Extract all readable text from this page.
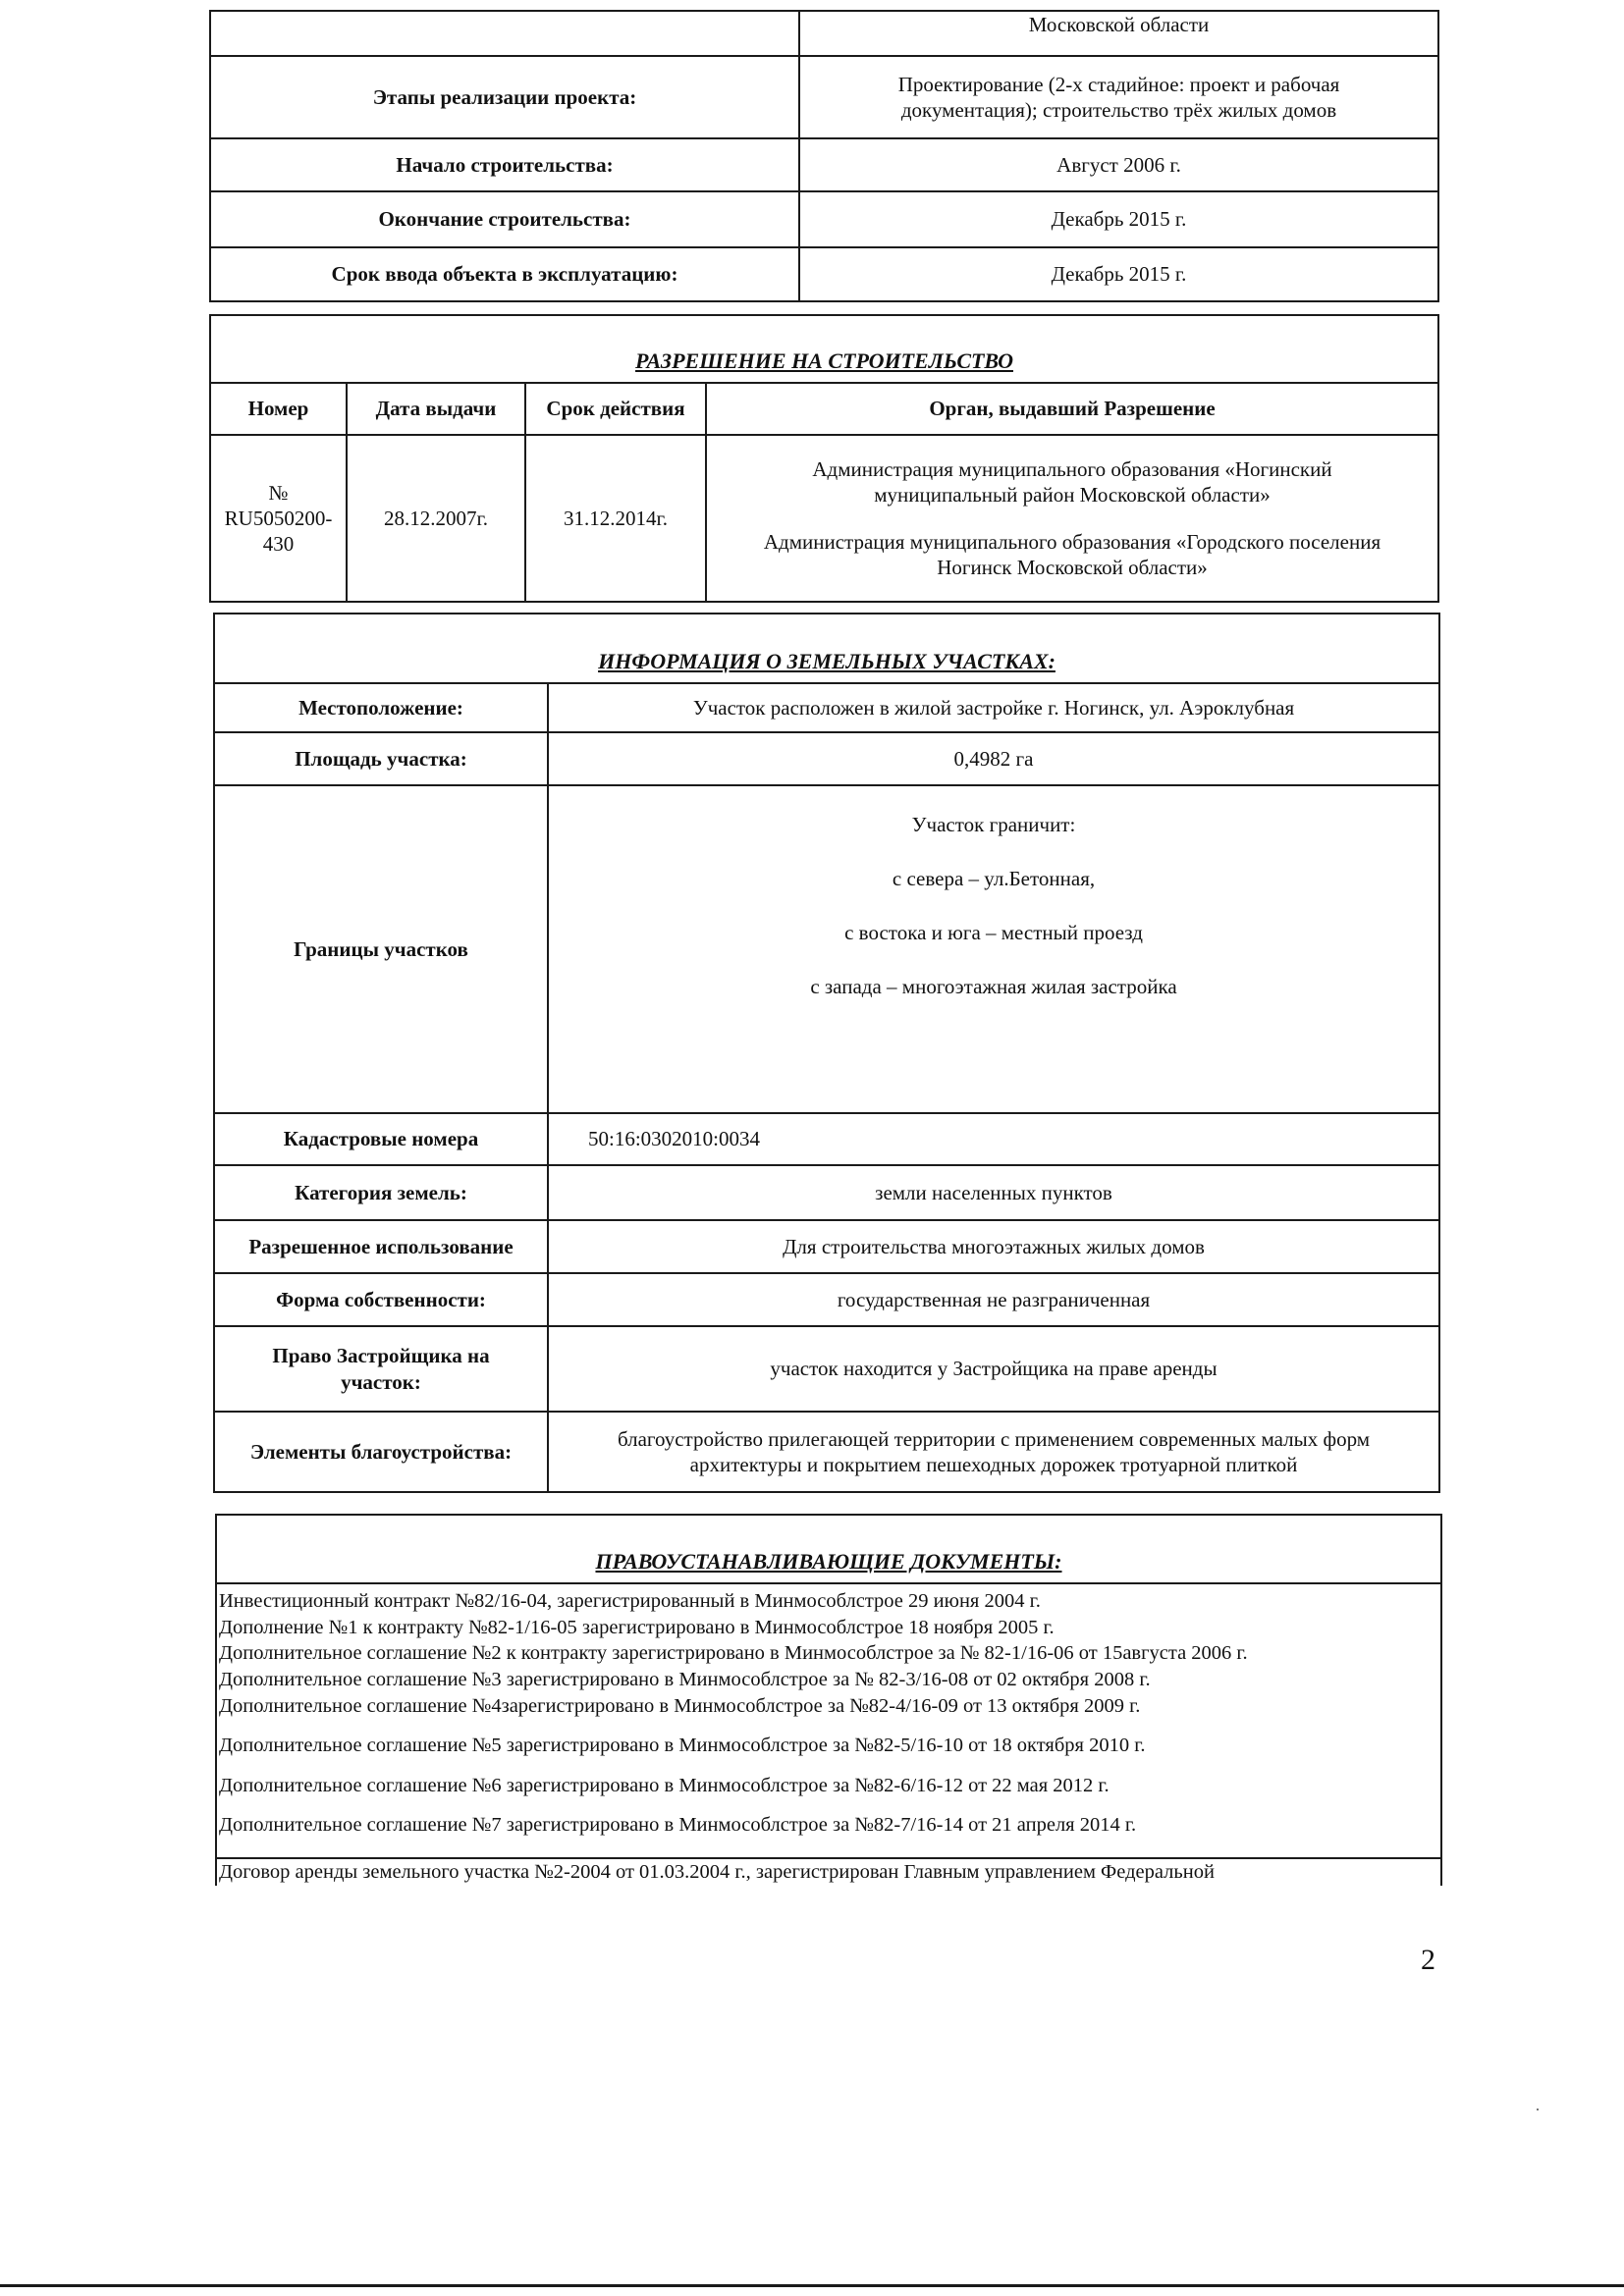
	Московской области
Этапы реализации проекта:	Проектирование (2-х стадийное: проект и рабочая
документация); строительство трёх жилых домов

Начало строительства:	Август 2006 г.
Окончание строительства:	Декабрь 2015 г.
Срок ввода объекта в эксплуатацию:	Декабрь 2015 г.
РАЗРЕШЕНИЕ НА СТРОИТЕЛЬСТВО			
Номер	Дата выдачи	Срок действия	Орган, выдавший Разрешение

№
RU5050200-
430	28.12.2007г.	31.12.2014г.	Администрация муниципального образования «Ногинский
муниципальный район Московской области»
Администрация муниципального образования «Городского поселения
Ногинск Московской области»
ИНФОРМАЦИЯ О ЗЕМЕЛЬНЫХ УЧАСТКАХ:	
Местоположение:	Участок расположен в жилой застройке г. Ногинск, ул. Аэроклубная
Площадь участка:	0,4982 га
Границы участков	Участок граничит:
с севера – ул.Бетонная,
с востока и юга – местный проезд
с запада – многоэтажная жилая застройка

Кадастровые номера	50:16:0302010:0034
Категория земель:	земли населенных пунктов
Разрешенное использование	Для строительства многоэтажных жилых домов
Форма собственности:	государственная не разграниченная

Право Застройщика на
участок:	участок находится у Застройщика на праве аренды
Элементы благоустройства:	благоустройство прилегающей территории с применением современных малых форм
архитектуры и покрытием пешеходных дорожек тротуарной плиткой
ПРАВОУСТАНАВЛИВАЮЩИЕ ДОКУМЕНТЫ:

Инвестиционный контракт №82/16-04, зарегистрированный в Минмособлстрое 29 июня 2004 г.
Дополнение №1 к контракту №82-1/16-05 зарегистрировано в Минмособлстрое 18 ноября 2005 г.
Дополнительное соглашение №2 к контракту зарегистрировано в Минмособлстрое за № 82-1/16-06 от 15августа 2006 г.
Дополнительное соглашение №3 зарегистрировано в Минмособлстрое за № 82-3/16-08 от 02 октября 2008 г.
Дополнительное соглашение №4зарегистрировано в Минмособлстрое за №82-4/16-09 от 13 октября 2009 г.
Дополнительное соглашение №5 зарегистрировано в Минмособлстрое за №82-5/16-10 от 18 октября 2010 г.
Дополнительное соглашение №6 зарегистрировано в Минмособлстрое за №82-6/16-12 от 22 мая 2012 г.
Дополнительное соглашение №7 зарегистрировано в Минмособлстрое за №82-7/16-14 от 21 апреля 2014 г.

Договор аренды земельного участка №2-2004 от 01.03.2004 г., зарегистрирован Главным управлением Федеральной
2
